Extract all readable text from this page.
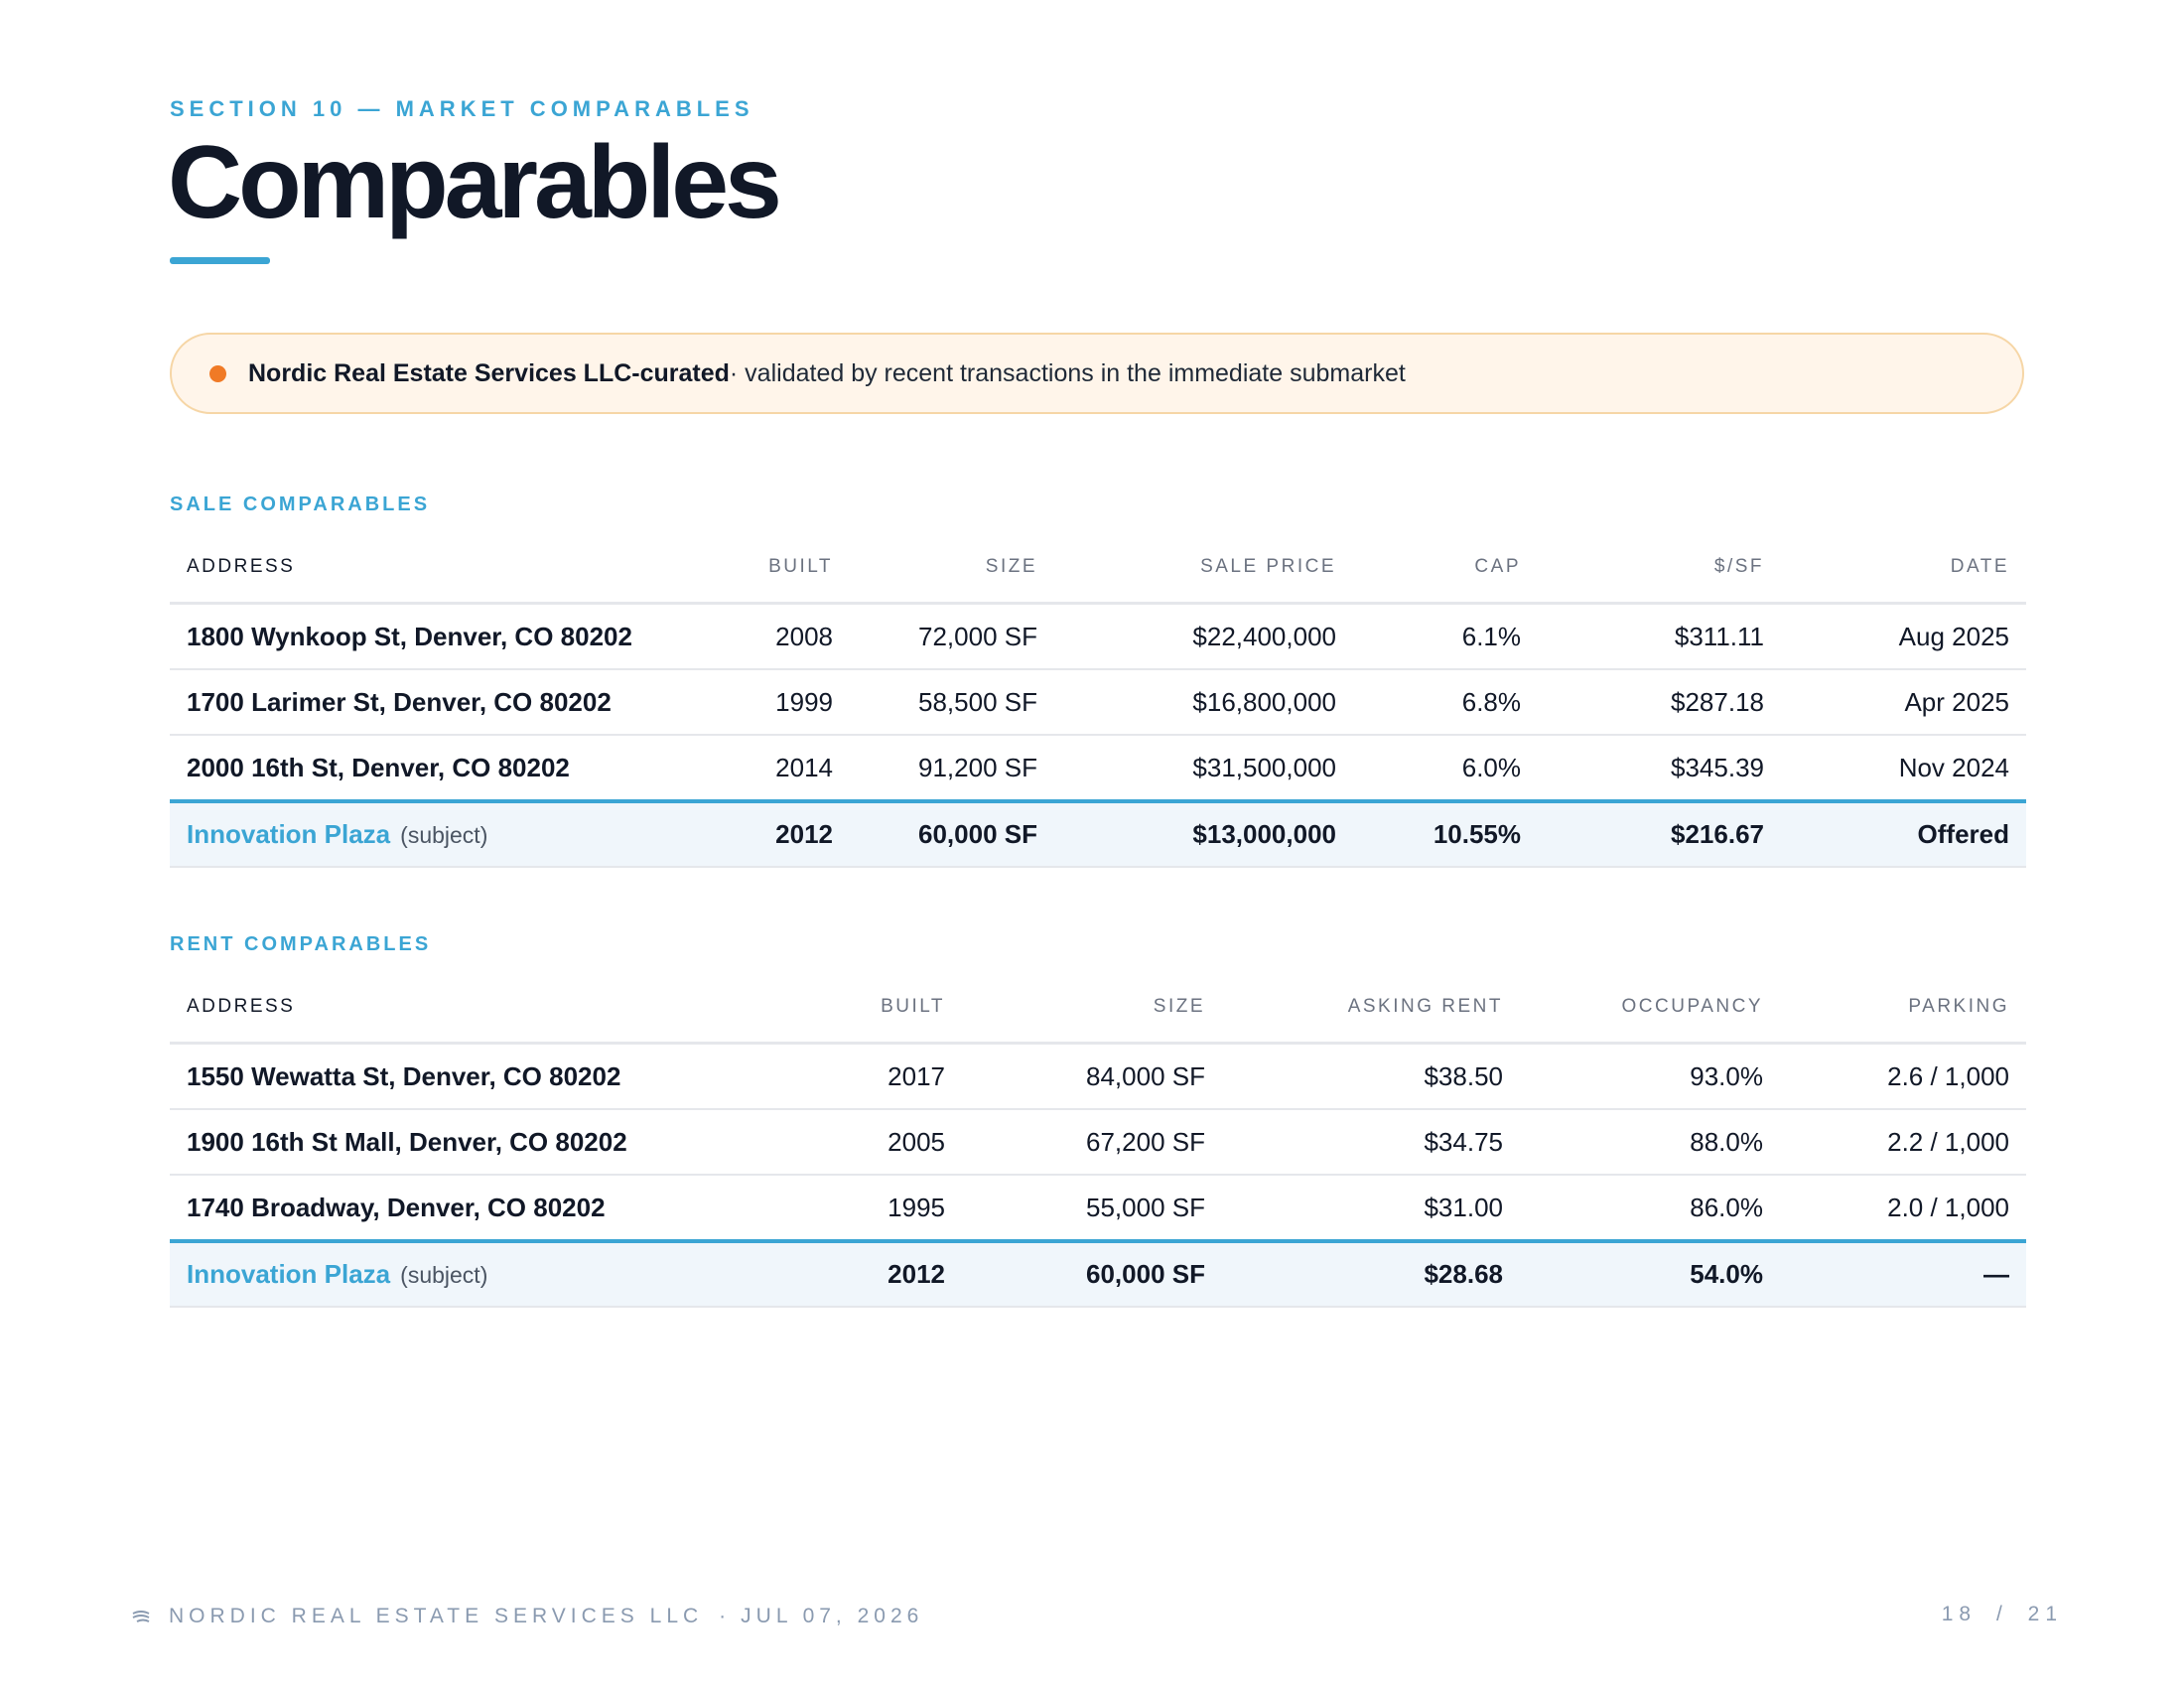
SECTION 10 — MARKET COMPARABLES
Comparables
Nordic Real Estate Services LLC-curated · validated by recent transactions in the immediate submarket
SALE COMPARABLES
ADDRESS	BUILT	SIZE	SALE PRICE	CAP	$/SF	DATE
1800 Wynkoop St, Denver, CO 80202	2008	72,000 SF	$22,400,000	6.1%	$311.11	Aug 2025
1700 Larimer St, Denver, CO 80202	1999	58,500 SF	$16,800,000	6.8%	$287.18	Apr 2025
2000 16th St, Denver, CO 80202	2014	91,200 SF	$31,500,000	6.0%	$345.39	Nov 2024
Innovation Plaza (subject)	2012	60,000 SF	$13,000,000	10.55%	$216.67	Offered
RENT COMPARABLES
ADDRESS	BUILT	SIZE	ASKING RENT	OCCUPANCY	PARKING
1550 Wewatta St, Denver, CO 80202	2017	84,000 SF	$38.50	93.0%	2.6 / 1,000
1900 16th St Mall, Denver, CO 80202	2005	67,200 SF	$34.75	88.0%	2.2 / 1,000
1740 Broadway, Denver, CO 80202	1995	55,000 SF	$31.00	86.0%	2.0 / 1,000
Innovation Plaza (subject)	2012	60,000 SF	$28.68	54.0%	—
NORDIC REAL ESTATE SERVICES LLC · JUL 07, 2026	18 / 21
